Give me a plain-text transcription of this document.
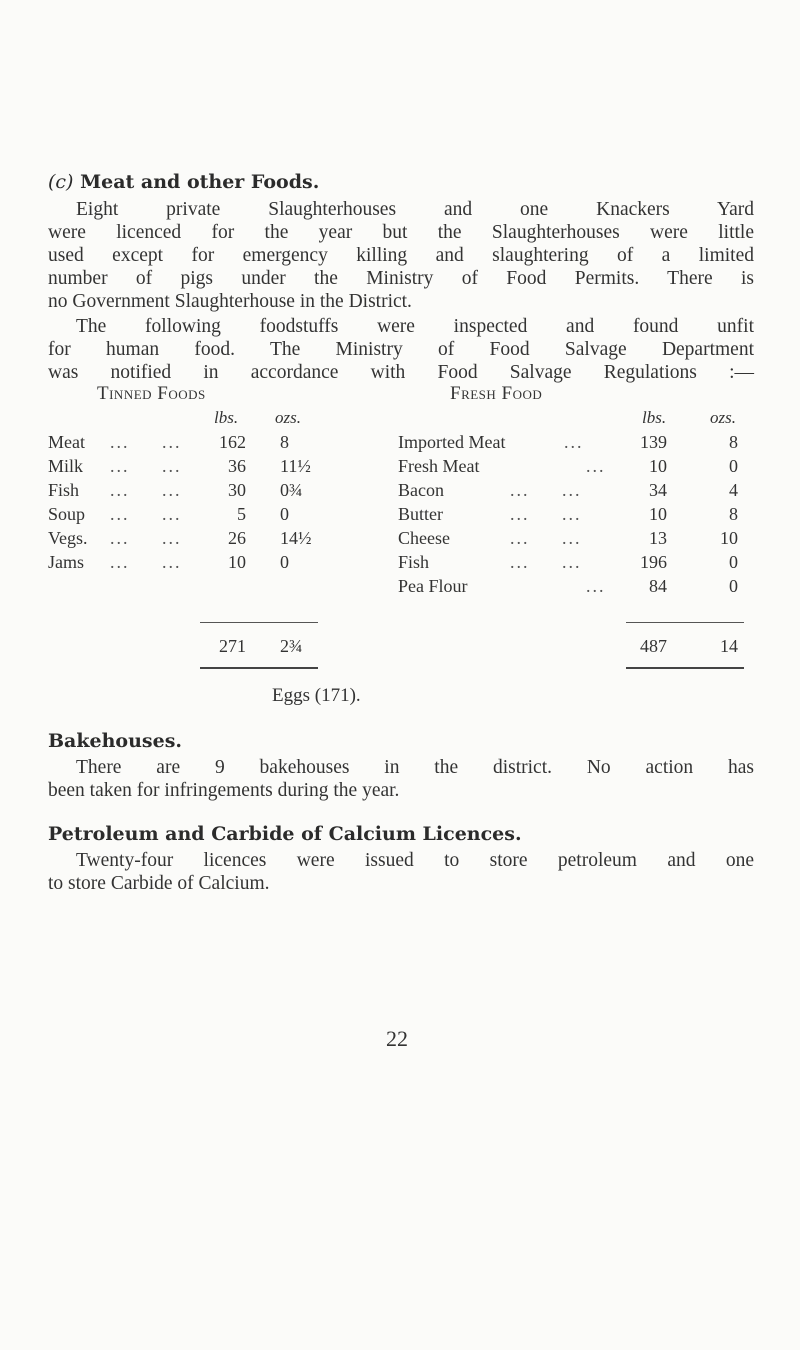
(c) Meat and other Foods.
Eight private Slaughterhouses and one Knackers Yard
were licenced for the year but the Slaughterhouses were little
used except for emergency killing and slaughtering of a limited
number of pigs under the Ministry of Food Permits. There is
no Government Slaughterhouse in the District.
The following foodstuffs were inspected and found unfit
for human food. The Ministry of Food Salvage Department
was notified in accordance with Food Salvage Regulations :—
Tinned Foods	Fresh Food
lbs. ozs.	lbs.	ozs.
Meat ...     ...	162 8
Milk ...     ...	36 11½
Fish ...     ...	30 0¾
Soup ...     ...	5 0
Vegs. ...     ...	26 14½
Jams ...     ...	10 0
Imported Meat	...	139	8
Fresh Meat	...	10	0
Bacon	...     ...	34	4
Butter	...     ...	10	8
Cheese	...     ...	13	10
Fish	...     ...	196	0
Pea Flour	...	84	0
271 2¾	487	14
Eggs (171).
Bakehouses.
There are 9 bakehouses in the district. No action has
been taken for infringements during the year.
Petroleum and Carbide of Calcium Licences.
Twenty-four licences were issued to store petroleum and one
to store Carbide of Calcium.
22
